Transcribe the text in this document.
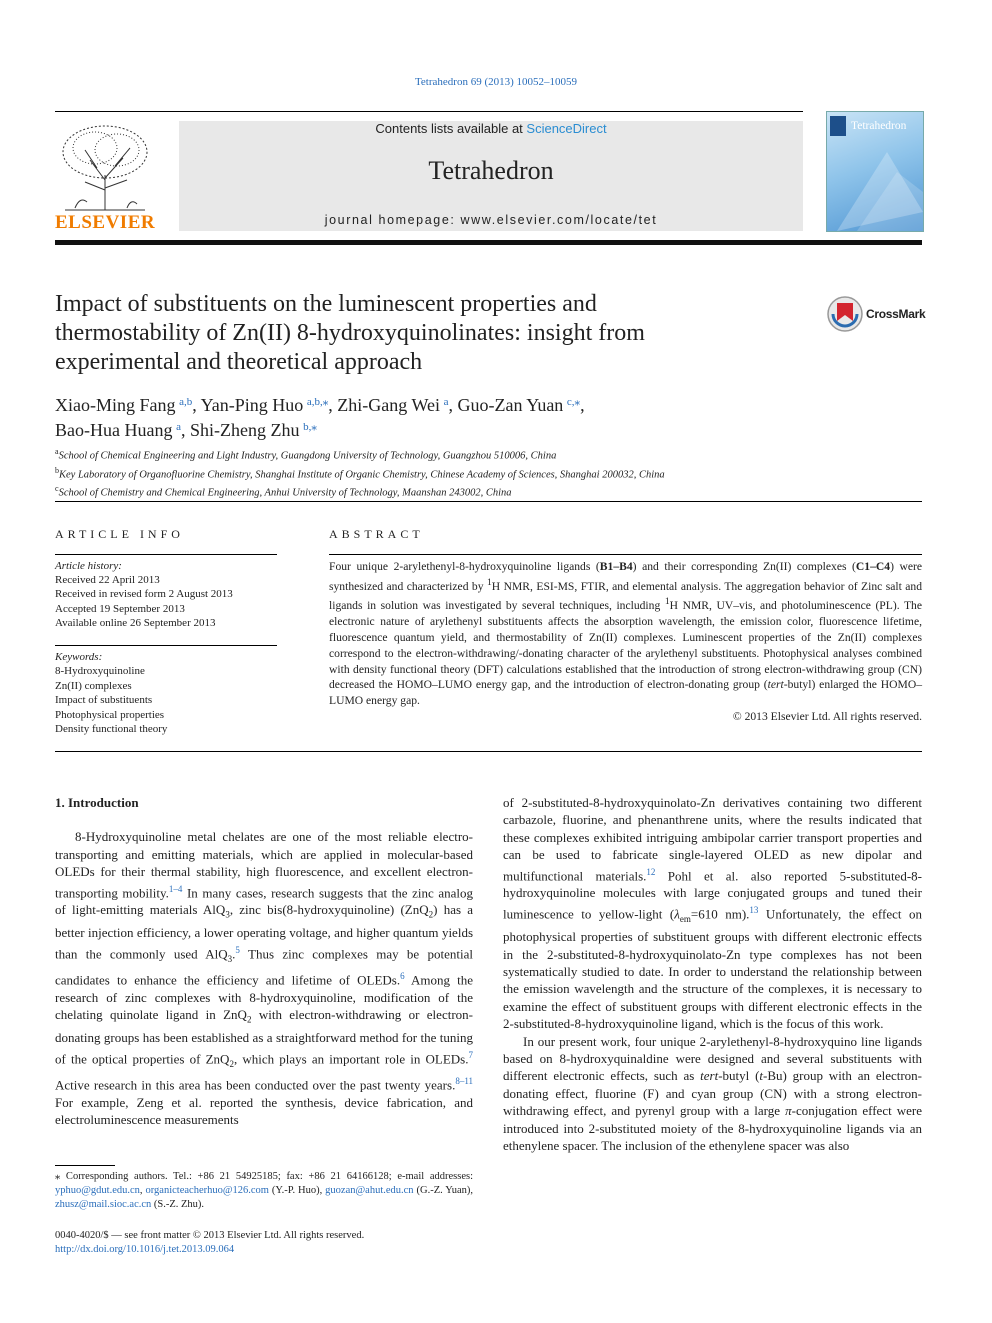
Tetrahedron 69 (2013) 10052–10059
ELSEVIER
Contents lists available at ScienceDirect
Tetrahedron
journal homepage: www.elsevier.com/locate/tet
Tetrahedron
Impact of substituents on the luminescent properties and thermostability of Zn(II) 8-hydroxyquinolinates: insight from experimental and theoretical approach
CrossMark
Xiao-Ming Fang  $^{a,b}$, Yan-Ping Huo  $^{a,b,⁎}$, Zhi-Gang Wei  $^a$, Guo-Zan Yuan  $^{c,⁎}$,
Bao-Hua Huang  $^a$, Shi-Zheng Zhu  $^{b,⁎}$
$^a$School of Chemical Engineering and Light Industry, Guangdong University of Technology, Guangzhou 510006, China
$^b$Key Laboratory of Organofluorine Chemistry, Shanghai Institute of Organic Chemistry, Chinese Academy of Sciences, Shanghai 200032, China
$^c$School of Chemistry and Chemical Engineering, Anhui University of Technology, Maanshan 243002, China
ARTICLE INFO	ABSTRACT
Article history:
Received 22 April 2013
Received in revised form 2 August 2013
Accepted 19 September 2013
Available online 26 September 2013
Keywords:
8-Hydroxyquinoline
Zn(II) complexes
Impact of substituents
Photophysical properties
Density functional theory
Four unique 2-arylethenyl-8-hydroxyquinoline ligands (B1–B4) and their corresponding Zn(II) complexes (C1–C4) were synthesized and characterized by $^1$H NMR, ESI-MS, FTIR, and elemental analysis. The aggregation behavior of Zinc salt and ligands in solution was investigated by several techniques, including $^1$H NMR, UV–vis, and photoluminescence (PL). The electronic nature of arylethenyl substituents affects the absorption wavelength, the emission color, fluorescence lifetime, fluorescence quantum yield, and thermostability of Zn(II) complexes. Luminescent properties of the Zn(II) complexes correspond to the electron-withdrawing/-donating character of the arylethenyl substituents. Photophysical analyses combined with density functional theory (DFT) calculations established that the introduction of strong electron-withdrawing group (CN) decreased the HOMO–LUMO energy gap, and the introduction of electron-donating group (tert-butyl) enlarged the HOMO–LUMO energy gap.
© 2013 Elsevier Ltd. All rights reserved.
1. Introduction

8-Hydroxyquinoline metal chelates are one of the most reliable electro-transporting and emitting materials, which are applied in molecular-based OLEDs for their thermal stability, high fluorescence, and excellent electron-transporting mobility.$^{1-4}$ In many cases, research suggests that the zinc analog of light-emitting materials AlQ$_3$, zinc bis(8-hydroxyquinoline) (ZnQ$_2$) has a better injection efficiency, a lower operating voltage, and higher quantum yields than the commonly used AlQ$_3$.$^5$ Thus zinc complexes may be potential candidates to enhance the efficiency and lifetime of OLEDs.$^6$ Among the research of zinc complexes with 8-hydroxyquinoline, modification of the chelating quinolate ligand in ZnQ$_2$ with electron-withdrawing or electron-donating groups has been established as a straightforward method for the tuning of the optical properties of ZnQ$_2$, which plays an important role in OLEDs.$^7$ Active research in this area has been conducted over the past twenty years.$^{8-11}$ For example, Zeng et al. reported the synthesis, device fabrication, and electroluminescence measurements

of 2-substituted-8-hydroxyquinolato-Zn derivatives containing two different carbazole, fluorine, and phenanthrene units, where the results indicated that these complexes exhibited intriguing ambipolar carrier transport properties and can be used to fabricate single-layered OLED as new dipolar and multifunctional materials.$^{12}$ Pohl et al. also reported 5-substituted-8-hydroxyquinoline molecules with large conjugated groups and tuned their luminescence to yellow-light ($\lambda_{em}=610$ nm).$^{13}$ Unfortunately, the effect on photophysical properties of substituent groups with different electronic effects in the 2-substituted-8-hydroxyquinolato-Zn type complexes has not been systematically studied to date. In order to understand the relationship between the emission wavelength and the structure of the complexes, it is necessary to examine the effect of substituent groups with different electronic effects in the 2-substituted-8-hydroxyquinoline ligand, which is the focus of this work.

In our present work, four unique 2-arylethenyl-8-hydroxyquino line ligands based on 8-hydroxyquinaldine were designed and several substituents with different electronic effects, such as tert-butyl (t-Bu) group with an electron-donating effect, fluorine (F) and cyan group (CN) with a strong electron-withdrawing effect, and pyrenyl group with a large π-conjugation effect were introduced into 2-substituted moiety of the 8-hydroxyquinoline ligands via an ethenylene spacer. The inclusion of the ethenylene spacer was also

⁎ Corresponding authors. Tel.: +86 21 54925185; fax: +86 21 64166128; e-mail addresses: yphuo@gdut.edu.cn, organicteacherhuo@126.com (Y.-P. Huo), guozan@ahut.edu.cn (G.-Z. Yuan), zhusz@mail.sioc.ac.cn (S.-Z. Zhu).
0040-4020/$ — see front matter © 2013 Elsevier Ltd. All rights reserved.
http://dx.doi.org/10.1016/j.tet.2013.09.064
